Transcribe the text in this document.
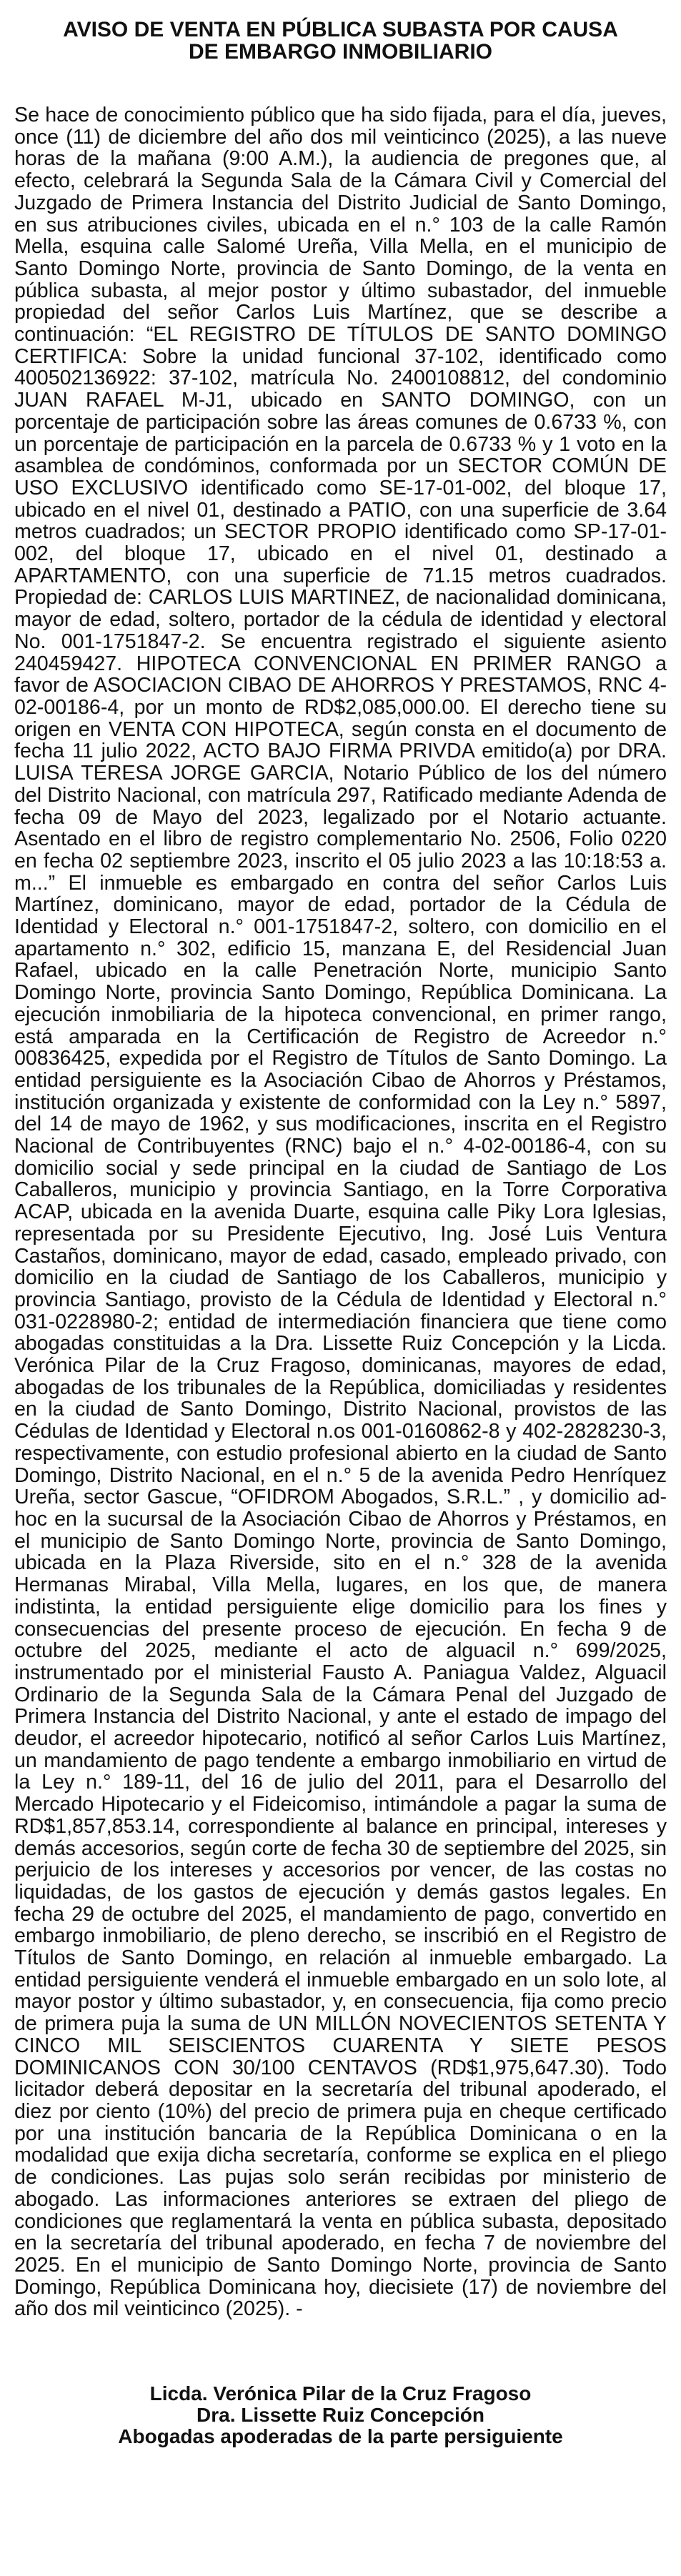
AVISO DE VENTA EN PÚBLICA SUBASTA POR CAUSA
DE EMBARGO INMOBILIARIO

Se hace de conocimiento público que ha sido fijada, para el día, jueves, once (11) de diciembre del año dos mil veinticinco (2025), a las nueve horas de la mañana (9:00 A.M.), la audiencia de pregones que, al efecto, celebrará la Segunda Sala de la Cámara Civil y Comercial del Juzgado de Primera Instancia del Distrito Judicial de Santo Domingo, en sus atribuciones civiles, ubicada en el n.° 103 de la calle Ramón Mella, esquina calle Salomé Ureña, Villa Mella, en el municipio de Santo Domingo Norte, provincia de Santo Domingo, de la venta en pública subasta, al mejor postor y último subastador, del inmueble propiedad del señor Carlos Luis Martínez, que se describe a continuación: “EL REGISTRO DE TÍTULOS DE SANTO DOMINGO CERTIFICA: Sobre la unidad funcional 37-102, identificado como 400502136922: 37-102, matrícula No. 2400108812, del condominio JUAN RAFAEL M-J1, ubicado en SANTO DOMINGO, con un porcentaje de participación sobre las áreas comunes de 0.6733 %, con un porcentaje de participación en la parcela de 0.6733 % y 1 voto en la asamblea de condóminos, conformada por un SECTOR COMÚN DE USO EXCLUSIVO identificado como SE-17-01-002, del bloque 17, ubicado en el nivel 01, destinado a PATIO, con una superficie de 3.64 metros cuadrados; un SECTOR PROPIO identificado como SP-17-01-002, del bloque 17, ubicado en el nivel 01, destinado a APARTAMENTO, con una superficie de 71.15 metros cuadrados. Propiedad de: CARLOS LUIS MARTINEZ, de nacionalidad dominicana, mayor de edad, soltero, portador de la cédula de identidad y electoral No. 001-1751847-2. Se encuentra registrado el siguiente asiento 240459427. HIPOTECA CONVENCIONAL EN PRIMER RANGO a favor de ASOCIACION CIBAO DE AHORROS Y PRESTAMOS, RNC 4-02-00186-4, por un monto de RD$2,085,000.00. El derecho tiene su origen en VENTA CON HIPOTECA, según consta en el documento de fecha 11 julio 2022, ACTO BAJO FIRMA PRIVDA emitido(a) por DRA. LUISA TERESA JORGE GARCIA, Notario Público de los del número del Distrito Nacional, con matrícula 297, Ratificado mediante Adenda de fecha 09 de Mayo del 2023, legalizado por el Notario actuante. Asentado en el libro de registro complementario No. 2506, Folio 0220 en fecha 02 septiembre 2023, inscrito el 05 julio 2023 a las 10:18:53 a. m...” El inmueble es embargado en contra del señor Carlos Luis Martínez, dominicano, mayor de edad, portador de la Cédula de Identidad y Electoral n.° 001-1751847-2, soltero, con domicilio en el apartamento n.° 302, edificio 15, manzana E, del Residencial Juan Rafael, ubicado en la calle Penetración Norte, municipio Santo Domingo Norte, provincia Santo Domingo, República Dominicana. La ejecución inmobiliaria de la hipoteca convencional, en primer rango, está amparada en la Certificación de Registro de Acreedor n.° 00836425, expedida por el Registro de Títulos de Santo Domingo. La entidad persiguiente es la Asociación Cibao de Ahorros y Préstamos, institución organizada y existente de conformidad con la Ley n.° 5897, del 14 de mayo de 1962, y sus modificaciones, inscrita en el Registro Nacional de Contribuyentes (RNC) bajo el n.° 4-02-00186-4, con su domicilio social y sede principal en la ciudad de Santiago de Los Caballeros, municipio y provincia Santiago, en la Torre Corporativa ACAP, ubicada en la avenida Duarte, esquina calle Piky Lora Iglesias, representada por su Presidente Ejecutivo, Ing. José Luis Ventura Castaños, dominicano, mayor de edad, casado, empleado privado, con domicilio en la ciudad de Santiago de los Caballeros, municipio y provincia Santiago, provisto de la Cédula de Identidad y Electoral n.° 031-0228980-2; entidad de intermediación financiera que tiene como abogadas constituidas a la Dra. Lissette Ruiz Concepción y la Licda. Verónica Pilar de la Cruz Fragoso, dominicanas, mayores de edad, abogadas de los tribunales de la República, domiciliadas y residentes en la ciudad de Santo Domingo, Distrito Nacional, provistos de las Cédulas de Identidad y Electoral n.os 001-0160862-8 y 402-2828230-3, respectivamente, con estudio profesional abierto en la ciudad de Santo Domingo, Distrito Nacional, en el n.° 5 de la avenida Pedro Henríquez Ureña, sector Gascue, “OFIDROM Abogados, S.R.L.” , y domicilio ad-hoc en la sucursal de la Asociación Cibao de Ahorros y Préstamos, en el municipio de Santo Domingo Norte, provincia de Santo Domingo, ubicada en la Plaza Riverside, sito en el n.° 328 de la avenida Hermanas Mirabal, Villa Mella, lugares, en los que, de manera indistinta, la entidad persiguiente elige domicilio para los fines y consecuencias del presente proceso de ejecución. En fecha 9 de octubre del 2025, mediante el acto de alguacil n.° 699/2025, instrumentado por el ministerial Fausto A. Paniagua Valdez, Alguacil Ordinario de la Segunda Sala de la Cámara Penal del Juzgado de Primera Instancia del Distrito Nacional, y ante el estado de impago del deudor, el acreedor hipotecario, notificó al señor Carlos Luis Martínez, un mandamiento de pago tendente a embargo inmobiliario en virtud de la Ley n.° 189-11, del 16 de julio del 2011, para el Desarrollo del Mercado Hipotecario y el Fideicomiso, intimándole a pagar la suma de RD$1,857,853.14, correspondiente al balance en principal, intereses y demás accesorios, según corte de fecha 30 de septiembre del 2025, sin perjuicio de los intereses y accesorios por vencer, de las costas no liquidadas, de los gastos de ejecución y demás gastos legales. En fecha 29 de octubre del 2025, el mandamiento de pago, convertido en embargo inmobiliario, de pleno derecho, se inscribió en el Registro de Títulos de Santo Domingo, en relación al inmueble embargado. La entidad persiguiente venderá el inmueble embargado en un solo lote, al mayor postor y último subastador, y, en consecuencia, fija como precio de primera puja la suma de UN MILLÓN NOVECIENTOS SETENTA Y CINCO MIL SEISCIENTOS CUARENTA Y SIETE PESOS DOMINICANOS CON 30/100 CENTAVOS (RD$1,975,647.30). Todo licitador deberá depositar en la secretaría del tribunal apoderado, el diez por ciento (10%) del precio de primera puja en cheque certificado por una institución bancaria de la República Dominicana o en la modalidad que exija dicha secretaría, conforme se explica en el pliego de condiciones. Las pujas solo serán recibidas por ministerio de abogado. Las informaciones anteriores se extraen del pliego de condiciones que reglamentará la venta en pública subasta, depositado en la secretaría del tribunal apoderado, en fecha 7 de noviembre del 2025. En el municipio de Santo Domingo Norte, provincia de Santo Domingo, República Dominicana hoy, diecisiete (17) de noviembre del año dos mil veinticinco (2025). -

Licda. Verónica Pilar de la Cruz Fragoso
Dra. Lissette Ruiz Concepción
Abogadas apoderadas de la parte persiguiente
